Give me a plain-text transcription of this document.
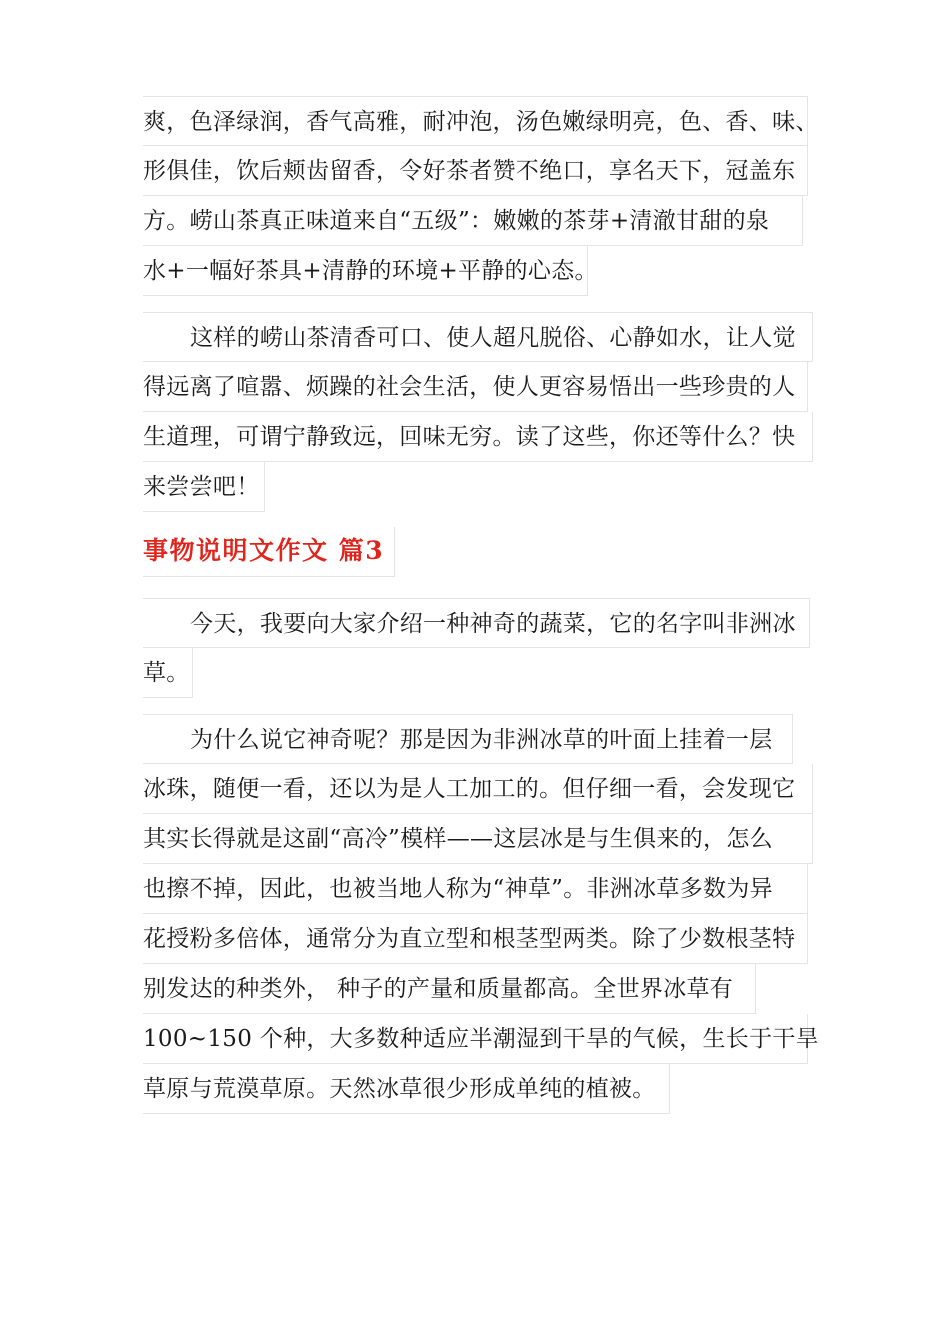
爽，色泽绿润，香气高雅，耐冲泡，汤色嫩绿明亮，色、香、味、
形俱佳，饮后颊齿留香，令好茶者赞不绝口，享名天下，冠盖东
方。崂山茶真正味道来自“五级”：嫩嫩的茶芽+清澈甘甜的泉
水+一幅好茶具+清静的环境+平静的心态。
这样的崂山茶清香可口、使人超凡脱俗、心静如水，让人觉
得远离了喧嚣、烦躁的社会生活，使人更容易悟出一些珍贵的人
生道理，可谓宁静致远，回味无穷。读了这些，你还等什么？快
来尝尝吧！
事物说明文作文 篇3
今天，我要向大家介绍一种神奇的蔬菜，它的名字叫非洲冰
草。
为什么说它神奇呢？那是因为非洲冰草的叶面上挂着一层
冰珠，随便一看，还以为是人工加工的。但仔细一看，会发现它
其实长得就是这副“高冷”模样——这层冰是与生俱来的，怎么
也擦不掉，因此，也被当地人称为“神草”。非洲冰草多数为异
花授粉多倍体，通常分为直立型和根茎型两类。除了少数根茎特
别发达的种类外， 种子的产量和质量都高。全世界冰草有
100~150 个种，大多数种适应半潮湿到干旱的气候，生长于干旱
草原与荒漠草原。天然冰草很少形成单纯的植被。
